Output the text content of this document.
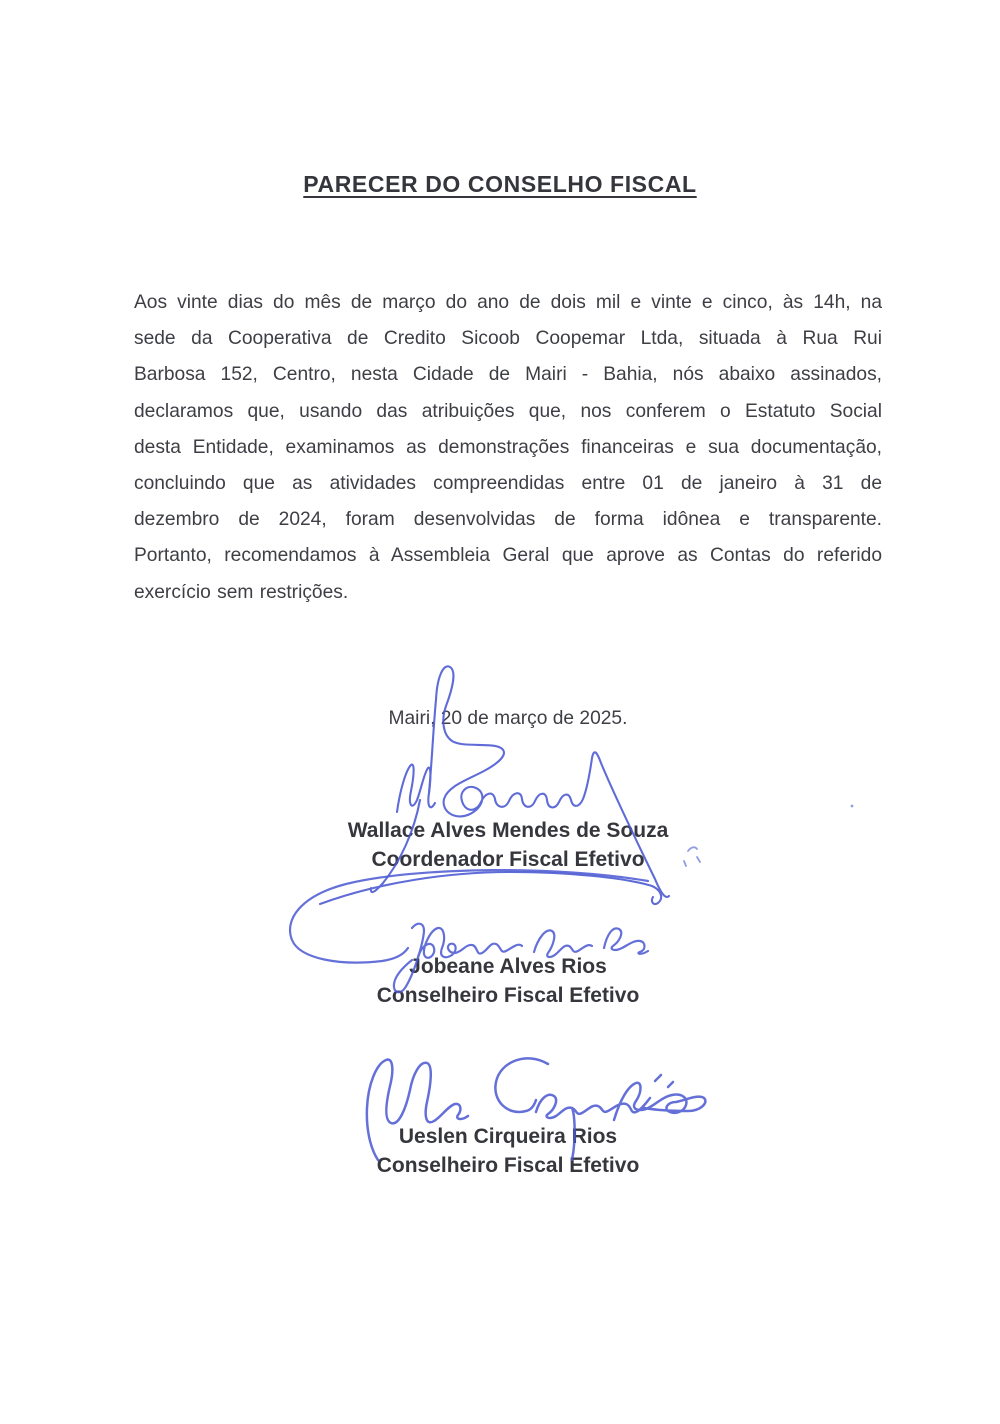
PARECER DO CONSELHO FISCAL
Aos vinte dias do mês de março do ano de dois mil e vinte e cinco, às 14h, na
sede da Cooperativa de Credito Sicoob Coopemar Ltda, situada à Rua Rui
Barbosa 152, Centro, nesta Cidade de Mairi - Bahia, nós abaixo assinados,
declaramos que, usando das atribuições que, nos conferem o Estatuto Social
desta Entidade, examinamos as demonstrações financeiras e sua documentação,
concluindo que as atividades compreendidas entre 01 de janeiro à 31 de
dezembro de 2024, foram desenvolvidas de forma idônea e transparente.
Portanto, recomendamos à Assembleia Geral que aprove as Contas do referido
exercício sem restrições.
Mairi, 20 de março de 2025.
Wallace Alves Mendes de Souza
Coordenador Fiscal Efetivo
Jobeane Alves Rios
Conselheiro Fiscal Efetivo
Ueslen Cirqueira Rios
Conselheiro Fiscal Efetivo
